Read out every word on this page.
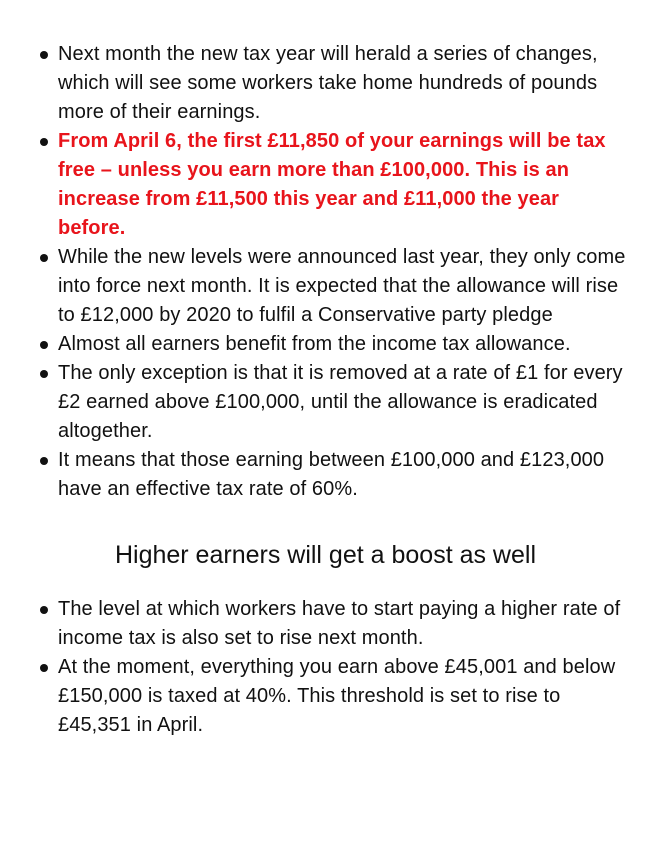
Next month the new tax year will herald a series of changes, which will see some workers take home hundreds of pounds more of their earnings.
From April 6, the first £11,850 of your earnings will be tax free – unless you earn more than £100,000. This is an increase from £11,500 this year and £11,000 the year before.
While the new levels were announced last year, they only come into force next month. It is expected that the allowance will rise to £12,000 by 2020 to fulfil a Conservative party pledge
Almost all earners benefit from the income tax allowance.
The only exception is that it is removed at a rate of £1 for every £2 earned above £100,000, until the allowance is eradicated altogether.
It means that those earning between £100,000 and £123,000 have an effective tax rate of 60%.
Higher earners will get a boost as well
The level at which workers have to start paying a higher rate of income tax is also set to rise next month.
At the moment, everything you earn above £45,001 and below £150,000 is taxed at 40%. This threshold is set to rise to £45,351 in April.
